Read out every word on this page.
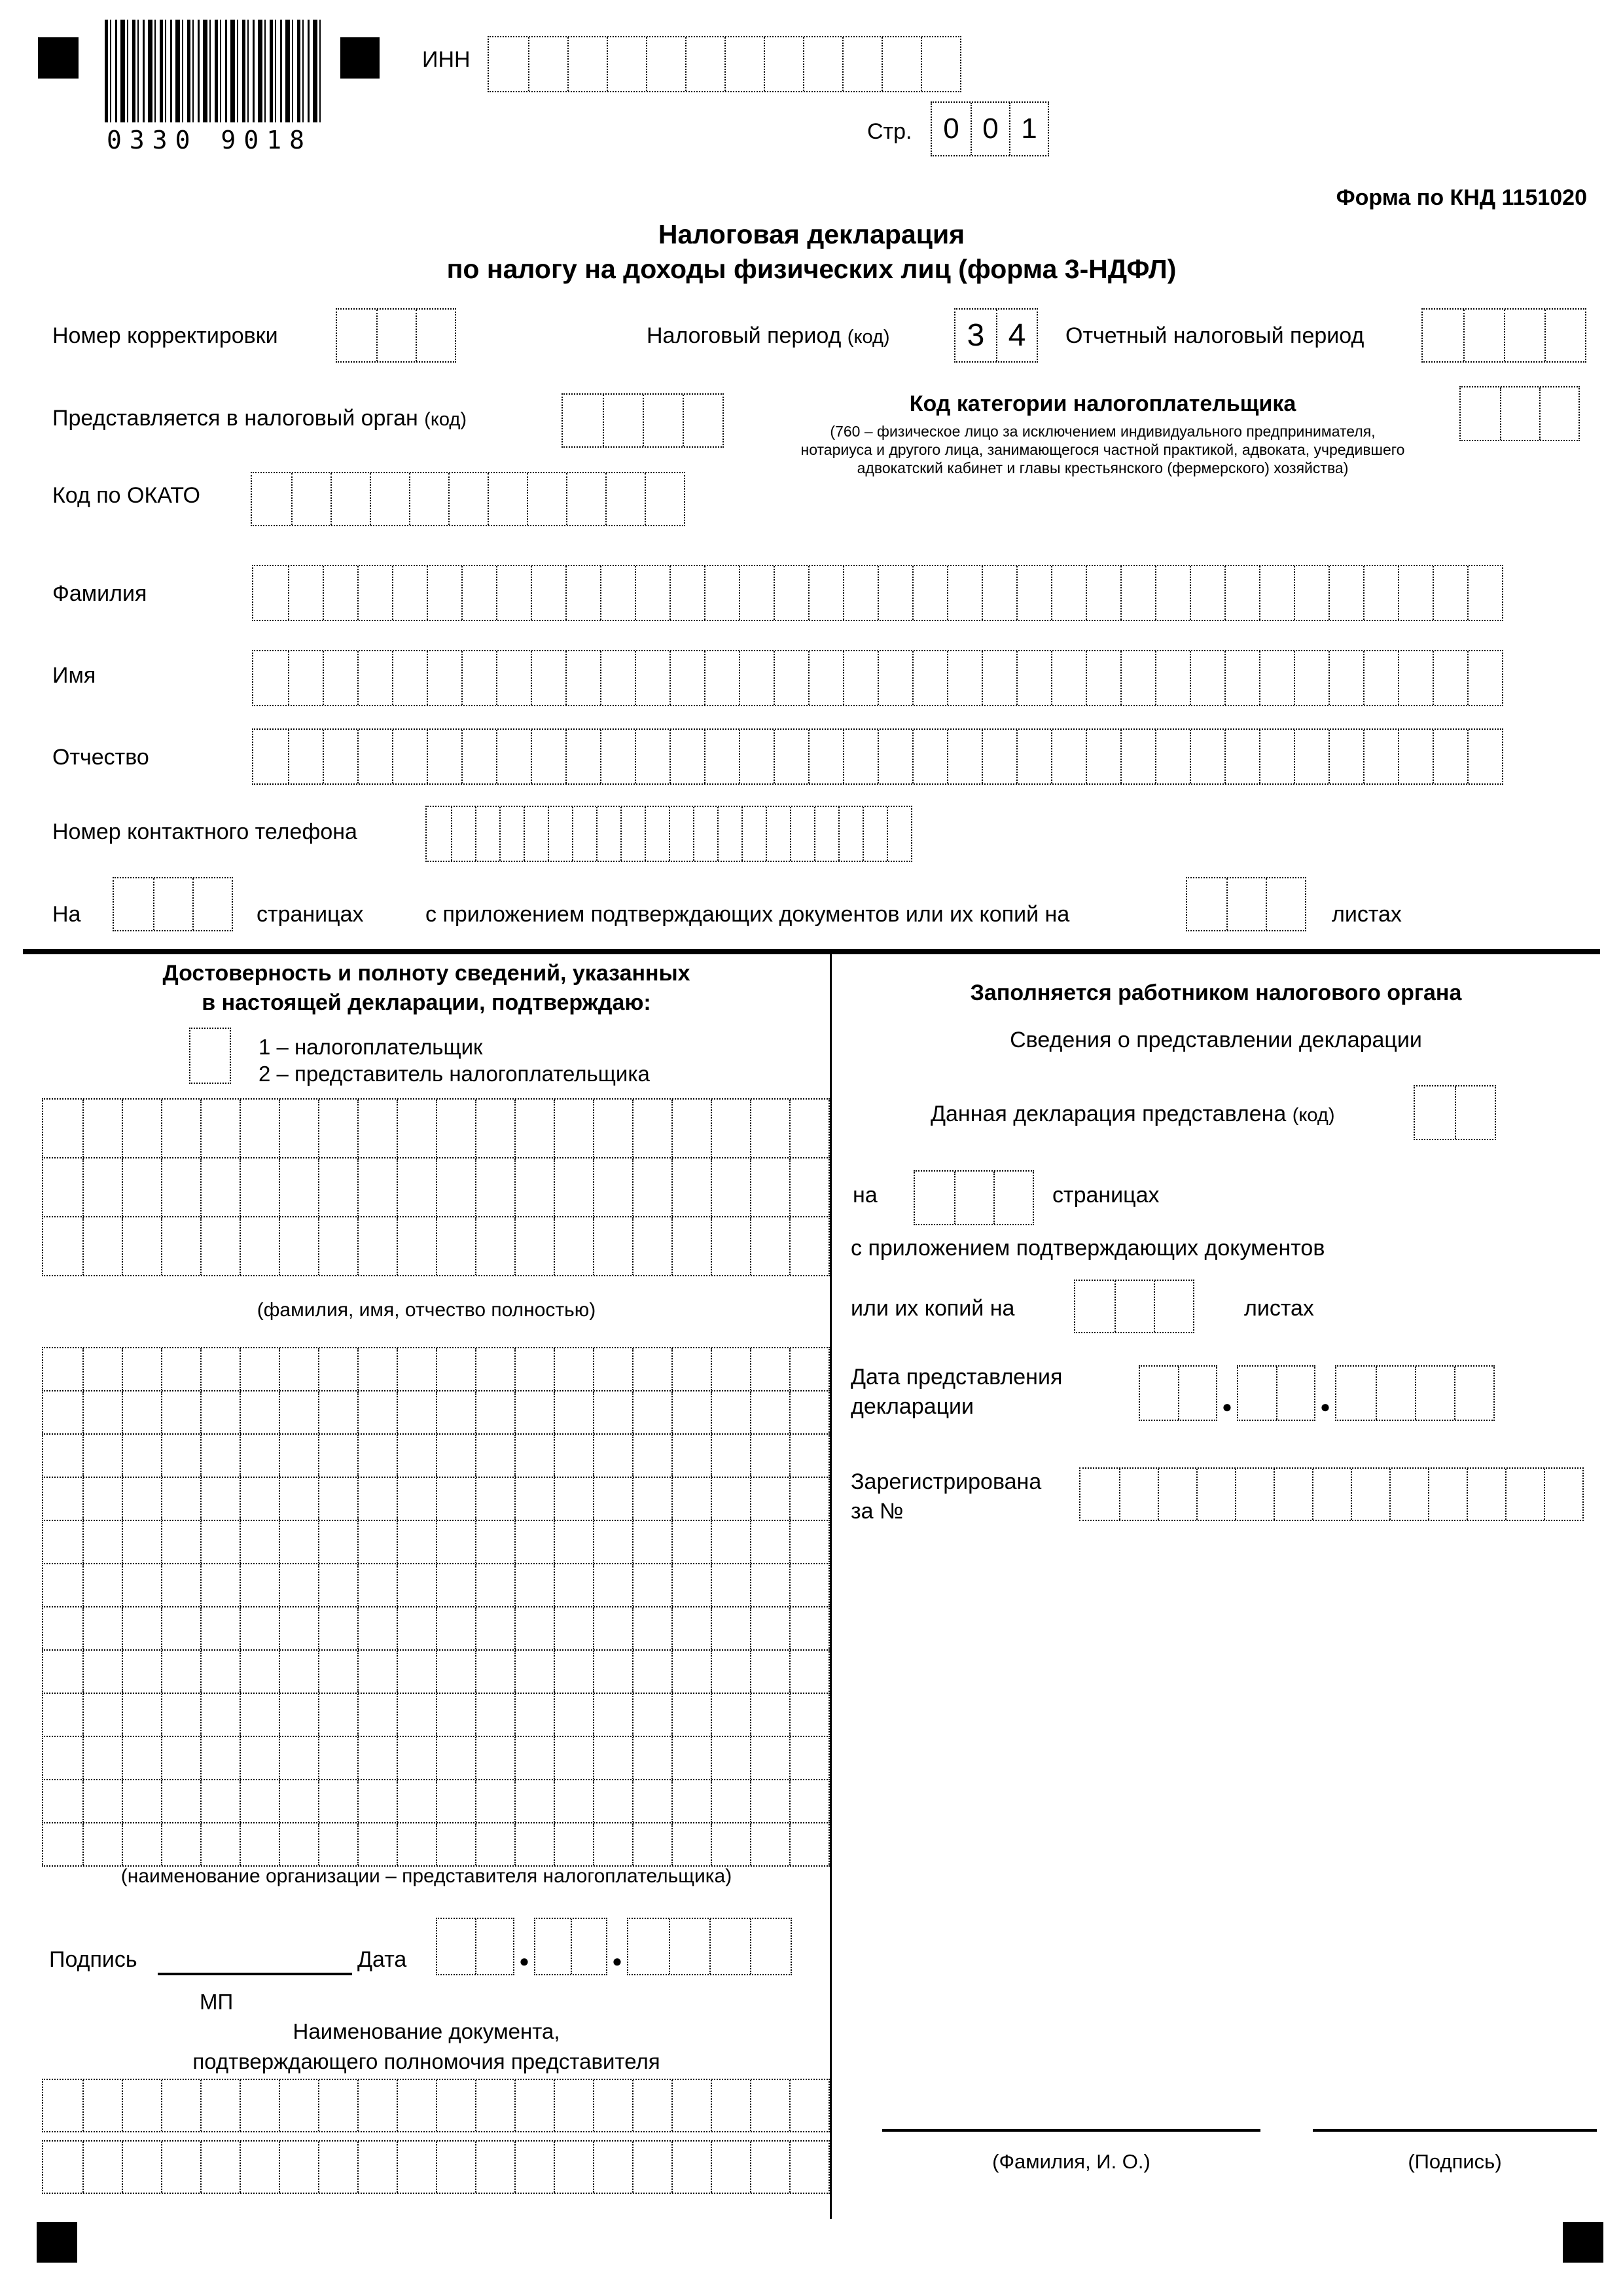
0330 9018
ИНН
Стр.	0 0 1
Форма по КНД 1151020
Налоговая декларация
по налогу на доходы физических лиц (форма 3-НДФЛ)
Номер корректировки	Налоговый период (код)	3 4	Отчетный налоговый период
Представляется в налоговый орган (код)
Код категории налогоплательщика
(760 – физическое лицо за исключением индивидуального предпринимателя,
нотариуса и другого лица, занимающегося частной практикой, адвоката, учредившего
адвокатский кабинет и главы крестьянского (фермерского) хозяйства)
Код по ОКАТО
Фамилия
Имя
Отчество
Номер контактного телефона
На	страницах	с приложением подтверждающих документов или их копий на	листах
Достоверность и полноту сведений, указанных
в настоящей декларации, подтверждаю:
1 – налогоплательщик
2 – представитель налогоплательщика
(фамилия, имя, отчество полностью)
(наименование организации – представителя налогоплательщика)
Подпись	Дата
●
●
МП
Наименование документа,
подтверждающего полномочия представителя
Заполняется работником налогового органа
Сведения о представлении декларации
Данная декларация представлена (код)
на	страницах
с приложением подтверждающих документов
или их копий на	листах
Дата представления
декларации
●
●
Зарегистрирована
за №
(Фамилия, И. О.)	(Подпись)
